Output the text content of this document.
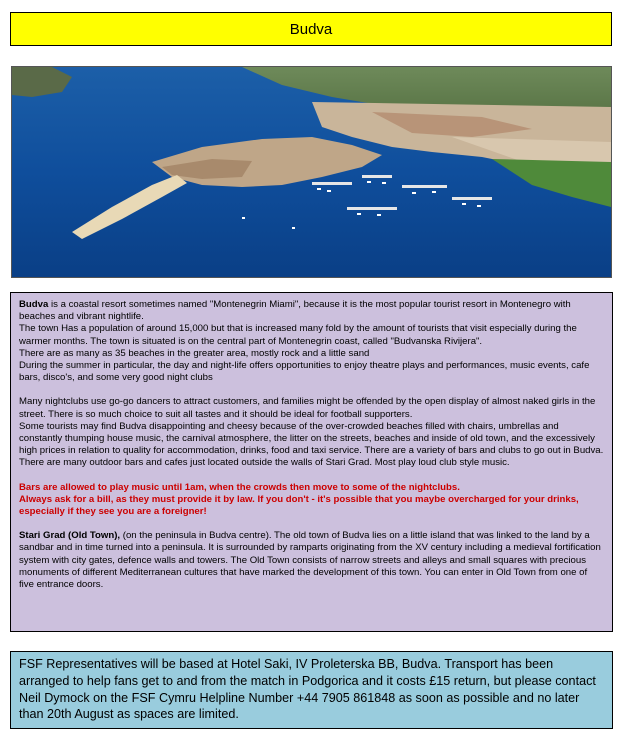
Budva

Budva is a coastal resort sometimes named "Montenegrin Miami", because it is the most popular tourist resort in Montenegro with beaches and vibrant nightlife.
The town Has a population of around 15,000 but that is increased many fold by the amount of tourists that visit especially during the warmer months. The town is situated is on the central part of Montenegrin coast, called "Budvanska Rivijera".
There are as many as 35 beaches in the greater area, mostly rock and a little sand
During the summer in particular, the day and night-life offers opportunities to enjoy theatre plays and performances, music events, cafe bars, disco's, and some very good night clubs

Many nightclubs use go-go dancers to attract customers, and families might be offended by the open display of almost naked girls in the street. There is so much choice to suit all tastes and it should be ideal for football supporters.
Some tourists may find Budva disappointing and cheesy because of the over-crowded beaches filled with chairs, umbrellas and constantly thumping house music, the carnival atmosphere, the litter on the streets, beaches and inside of old town, and the excessively high prices in relation to quality for accommodation, drinks, food and taxi service. There are a variety of bars and clubs to go out in Budva. There are many outdoor bars and cafes just located outside the walls of Stari Grad. Most play loud club style music.

Bars are allowed to play music until 1am, when the crowds then move to some of the nightclubs.
Always ask for a bill, as they must provide it by law. If you don't - it's possible that you maybe overcharged for your drinks, especially if they see you are a foreigner!

Stari Grad (Old Town), (on the peninsula in Budva centre). The old town of Budva lies on a little island that was linked to the land by a sandbar and in time turned into a peninsula. It is surrounded by ramparts originating from the XV century including a medieval fortification system with city gates, defence walls and towers. The Old Town consists of narrow streets and alleys and small squares with precious monuments of different Mediterranean cultures that have marked the development of this town. You can enter in Old Town from one of five entrance doors.

FSF Representatives will be based at Hotel Saki, IV Proleterska BB, Budva. Transport has been arranged to help fans get to and from the match in Podgorica and it costs £15 return, but please contact Neil Dymock on the FSF Cymru Helpline Number +44 7905 861848 as soon as possible and no later than 20th August as spaces are limited.
